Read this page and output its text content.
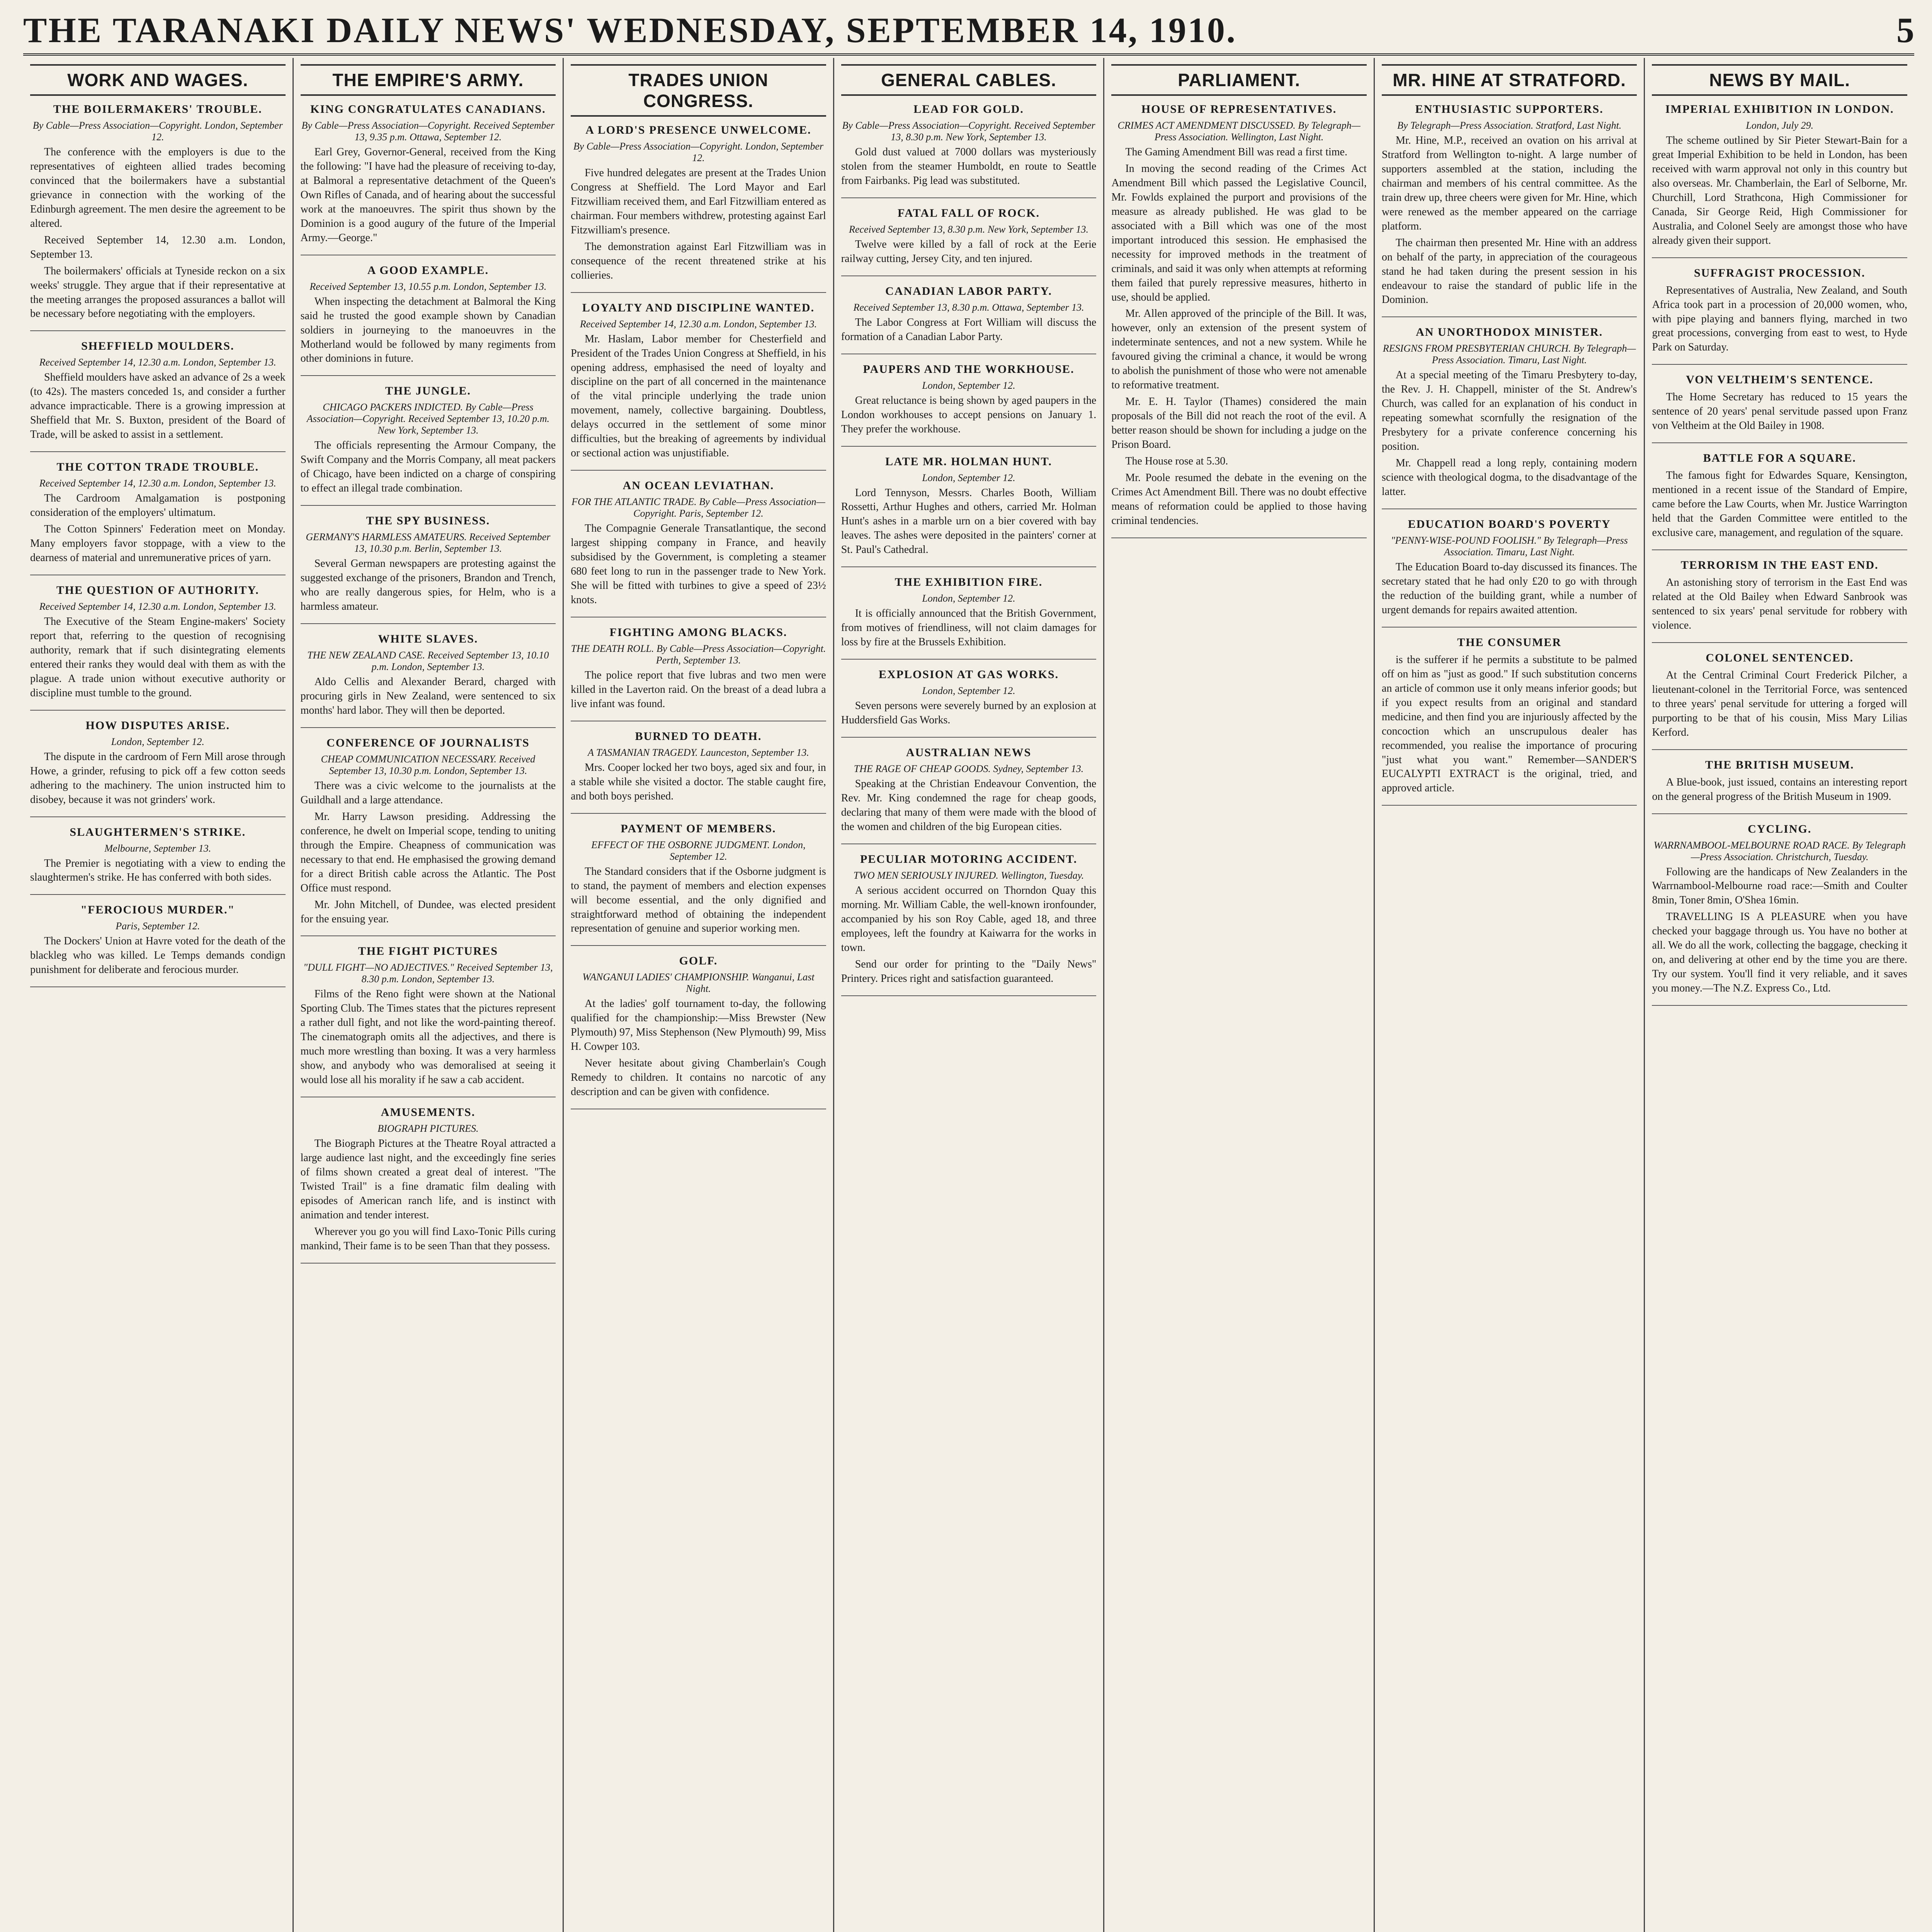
THE TARANAKI DAILY NEWS' WEDNESDAY, SEPTEMBER 14, 1910.	5
WORK AND WAGES.
THE BOILERMAKERS' TROUBLE.
By Cable—Press Association—Copyright. London, September 12.

The conference with the employers is due to the representatives of eighteen allied trades becoming convinced that the boilermakers have a substantial grievance in connection with the working of the Edinburgh agreement. The men desire the agreement to be altered.

Received September 14, 12.30 a.m. London, September 13.

The boilermakers' officials at Tyneside reckon on a six weeks' struggle. They argue that if their representative at the meeting arranges the proposed assurances a ballot will be necessary before negotiating with the employers.

SHEFFIELD MOULDERS.
Received September 14, 12.30 a.m. London, September 13.

Sheffield moulders have asked an advance of 2s a week (to 42s). The masters conceded 1s, and consider a further advance impracticable. There is a growing impression at Sheffield that Mr. S. Buxton, president of the Board of Trade, will be asked to assist in a settlement.

THE COTTON TRADE TROUBLE.
Received September 14, 12.30 a.m. London, September 13.

The Cardroom Amalgamation is postponing consideration of the employers' ultimatum.

The Cotton Spinners' Federation meet on Monday. Many employers favor stoppage, with a view to the dearness of material and unremunerative prices of yarn.

THE QUESTION OF AUTHORITY.
Received September 14, 12.30 a.m. London, September 13.

The Executive of the Steam Engine-makers' Society report that, referring to the question of recognising authority, remark that if such disintegrating elements entered their ranks they would deal with them as with the plague. A trade union without executive authority or discipline must tumble to the ground.

HOW DISPUTES ARISE.
London, September 12.

The dispute in the cardroom of Fern Mill arose through Howe, a grinder, refusing to pick off a few cotton seeds adhering to the machinery. The union instructed him to disobey, because it was not grinders' work.

SLAUGHTERMEN'S STRIKE.
Melbourne, September 13.

The Premier is negotiating with a view to ending the slaughtermen's strike. He has conferred with both sides.

"FEROCIOUS MURDER."
Paris, September 12.

The Dockers' Union at Havre voted for the death of the blackleg who was killed. Le Temps demands condign punishment for deliberate and ferocious murder.

THE EMPIRE'S ARMY.
KING CONGRATULATES CANADIANS.
By Cable—Press Association—Copyright. Received September 13, 9.35 p.m. Ottawa, September 12.

Earl Grey, Governor-General, received from the King the following: "I have had the pleasure of receiving to-day, at Balmoral a representative detachment of the Queen's Own Rifles of Canada, and of hearing about the successful work at the manoeuvres. The spirit thus shown by the Dominion is a good augury of the future of the Imperial Army.—George."

A GOOD EXAMPLE.
Received September 13, 10.55 p.m. London, September 13.

When inspecting the detachment at Balmoral the King said he trusted the good example shown by Canadian soldiers in journeying to the manoeuvres in the Motherland would be followed by many regiments from other dominions in future.

THE JUNGLE.
CHICAGO PACKERS INDICTED. By Cable—Press Association—Copyright. Received September 13, 10.20 p.m. New York, September 13.

The officials representing the Armour Company, the Swift Company and the Morris Company, all meat packers of Chicago, have been indicted on a charge of conspiring to effect an illegal trade combination.

THE SPY BUSINESS.
GERMANY'S HARMLESS AMATEURS. Received September 13, 10.30 p.m. Berlin, September 13.

Several German newspapers are protesting against the suggested exchange of the prisoners, Brandon and Trench, who are really dangerous spies, for Helm, who is a harmless amateur.

WHITE SLAVES.
THE NEW ZEALAND CASE. Received September 13, 10.10 p.m. London, September 13.

Aldo Cellis and Alexander Berard, charged with procuring girls in New Zealand, were sentenced to six months' hard labor. They will then be deported.

CONFERENCE OF JOURNALISTS
CHEAP COMMUNICATION NECESSARY. Received September 13, 10.30 p.m. London, September 13.

There was a civic welcome to the journalists at the Guildhall and a large attendance.

Mr. Harry Lawson presiding. Addressing the conference, he dwelt on Imperial scope, tending to uniting through the Empire. Cheapness of communication was necessary to that end. He emphasised the growing demand for a direct British cable across the Atlantic. The Post Office must respond.

Mr. John Mitchell, of Dundee, was elected president for the ensuing year.

THE FIGHT PICTURES
"DULL FIGHT—NO ADJECTIVES." Received September 13, 8.30 p.m. London, September 13.

Films of the Reno fight were shown at the National Sporting Club. The Times states that the pictures represent a rather dull fight, and not like the word-painting thereof. The cinematograph omits all the adjectives, and there is much more wrestling than boxing. It was a very harmless show, and anybody who was demoralised at seeing it would lose all his morality if he saw a cab accident.

AMUSEMENTS.
BIOGRAPH PICTURES.

The Biograph Pictures at the Theatre Royal attracted a large audience last night, and the exceedingly fine series of films shown created a great deal of interest. "The Twisted Trail" is a fine dramatic film dealing with episodes of American ranch life, and is instinct with animation and tender interest.

Wherever you go you will find Laxo-Tonic Pills curing mankind, Their fame is to be seen Than that they possess.

TRADES UNION CONGRESS.
A LORD'S PRESENCE UNWELCOME.
By Cable—Press Association—Copyright. London, September 12.

Five hundred delegates are present at the Trades Union Congress at Sheffield. The Lord Mayor and Earl Fitzwilliam received them, and Earl Fitzwilliam entered as chairman. Four members withdrew, protesting against Earl Fitzwilliam's presence.

The demonstration against Earl Fitzwilliam was in consequence of the recent threatened strike at his collieries.

LOYALTY AND DISCIPLINE WANTED.
Received September 14, 12.30 a.m. London, September 13.

Mr. Haslam, Labor member for Chesterfield and President of the Trades Union Congress at Sheffield, in his opening address, emphasised the need of loyalty and discipline on the part of all concerned in the maintenance of the vital principle underlying the trade union movement, namely, collective bargaining. Doubtless, delays occurred in the settlement of some minor difficulties, but the breaking of agreements by individual or sectional action was unjustifiable.

AN OCEAN LEVIATHAN.
FOR THE ATLANTIC TRADE. By Cable—Press Association—Copyright. Paris, September 12.

The Compagnie Generale Transatlantique, the second largest shipping company in France, and heavily subsidised by the Government, is completing a steamer 680 feet long to run in the passenger trade to New York. She will be fitted with turbines to give a speed of 23½ knots.

FIGHTING AMONG BLACKS.
THE DEATH ROLL. By Cable—Press Association—Copyright. Perth, September 13.

The police report that five lubras and two men were killed in the Laverton raid. On the breast of a dead lubra a live infant was found.

BURNED TO DEATH.
A TASMANIAN TRAGEDY. Launceston, September 13.

Mrs. Cooper locked her two boys, aged six and four, in a stable while she visited a doctor. The stable caught fire, and both boys perished.

PAYMENT OF MEMBERS.
EFFECT OF THE OSBORNE JUDGMENT. London, September 12.

The Standard considers that if the Osborne judgment is to stand, the payment of members and election expenses will become essential, and the only dignified and straightforward method of obtaining the independent representation of genuine and superior working men.

GOLF.
WANGANUI LADIES' CHAMPIONSHIP. Wanganui, Last Night.

At the ladies' golf tournament to-day, the following qualified for the championship:—Miss Brewster (New Plymouth) 97, Miss Stephenson (New Plymouth) 99, Miss H. Cowper 103.

Never hesitate about giving Chamberlain's Cough Remedy to children. It contains no narcotic of any description and can be given with confidence.

GENERAL CABLES.
LEAD FOR GOLD.
By Cable—Press Association—Copyright. Received September 13, 8.30 p.m. New York, September 13.

Gold dust valued at 7000 dollars was mysteriously stolen from the steamer Humboldt, en route to Seattle from Fairbanks. Pig lead was substituted.

FATAL FALL OF ROCK.
Received September 13, 8.30 p.m. New York, September 13.

Twelve were killed by a fall of rock at the Eerie railway cutting, Jersey City, and ten injured.

CANADIAN LABOR PARTY.
Received September 13, 8.30 p.m. Ottawa, September 13.

The Labor Congress at Fort William will discuss the formation of a Canadian Labor Party.

PAUPERS AND THE WORKHOUSE.
London, September 12.

Great reluctance is being shown by aged paupers in the London workhouses to accept pensions on January 1. They prefer the workhouse.

LATE MR. HOLMAN HUNT.
London, September 12.

Lord Tennyson, Messrs. Charles Booth, William Rossetti, Arthur Hughes and others, carried Mr. Holman Hunt's ashes in a marble urn on a bier covered with bay leaves. The ashes were deposited in the painters' corner at St. Paul's Cathedral.

THE EXHIBITION FIRE.
London, September 12.

It is officially announced that the British Government, from motives of friendliness, will not claim damages for loss by fire at the Brussels Exhibition.

EXPLOSION AT GAS WORKS.
London, September 12.

Seven persons were severely burned by an explosion at Huddersfield Gas Works.

AUSTRALIAN NEWS
THE RAGE OF CHEAP GOODS. Sydney, September 13.

Speaking at the Christian Endeavour Convention, the Rev. Mr. King condemned the rage for cheap goods, declaring that many of them were made with the blood of the women and children of the big European cities.

PECULIAR MOTORING ACCIDENT.
TWO MEN SERIOUSLY INJURED. Wellington, Tuesday.

A serious accident occurred on Thorndon Quay this morning. Mr. William Cable, the well-known ironfounder, accompanied by his son Roy Cable, aged 18, and three employees, left the foundry at Kaiwarra for the works in town.

Send our order for printing to the "Daily News" Printery. Prices right and satisfaction guaranteed.

PARLIAMENT.
HOUSE OF REPRESENTATIVES.
CRIMES ACT AMENDMENT DISCUSSED. By Telegraph—Press Association. Wellington, Last Night.

The Gaming Amendment Bill was read a first time.

In moving the second reading of the Crimes Act Amendment Bill which passed the Legislative Council, Mr. Fowlds explained the purport and provisions of the measure as already published. He was glad to be associated with a Bill which was one of the most important introduced this session. He emphasised the necessity for improved methods in the treatment of criminals, and said it was only when attempts at reforming them failed that purely repressive measures, hitherto in use, should be applied.

Mr. Allen approved of the principle of the Bill. It was, however, only an extension of the present system of indeterminate sentences, and not a new system. While he favoured giving the criminal a chance, it would be wrong to abolish the punishment of those who were not amenable to reformative treatment.

Mr. E. H. Taylor (Thames) considered the main proposals of the Bill did not reach the root of the evil. A better reason should be shown for including a judge on the Prison Board.

The House rose at 5.30.

Mr. Poole resumed the debate in the evening on the Crimes Act Amendment Bill. There was no doubt effective means of reformation could be applied to those having criminal tendencies.

MR. HINE AT STRATFORD.
ENTHUSIASTIC SUPPORTERS.
By Telegraph—Press Association. Stratford, Last Night.

Mr. Hine, M.P., received an ovation on his arrival at Stratford from Wellington to-night. A large number of supporters assembled at the station, including the chairman and members of his central committee. As the train drew up, three cheers were given for Mr. Hine, which were renewed as the member appeared on the carriage platform.

The chairman then presented Mr. Hine with an address on behalf of the party, in appreciation of the courageous stand he had taken during the present session in his endeavour to raise the standard of public life in the Dominion.

AN UNORTHODOX MINISTER.
RESIGNS FROM PRESBYTERIAN CHURCH. By Telegraph—Press Association. Timaru, Last Night.

At a special meeting of the Timaru Presbytery to-day, the Rev. J. H. Chappell, minister of the St. Andrew's Church, was called for an explanation of his conduct in repeating somewhat scornfully the resignation of the Presbytery for a private conference concerning his position.

Mr. Chappell read a long reply, containing modern science with theological dogma, to the disadvantage of the latter.

EDUCATION BOARD'S POVERTY
"PENNY-WISE-POUND FOOLISH." By Telegraph—Press Association. Timaru, Last Night.

The Education Board to-day discussed its finances. The secretary stated that he had only £20 to go with through the reduction of the building grant, while a number of urgent demands for repairs awaited attention.

THE CONSUMER

is the sufferer if he permits a substitute to be palmed off on him as "just as good." If such substitution concerns an article of common use it only means inferior goods; but if you expect results from an original and standard medicine, and then find you are injuriously affected by the concoction which an unscrupulous dealer has recommended, you realise the importance of procuring "just what you want." Remember—SANDER'S EUCALYPTI EXTRACT is the original, tried, and approved article.

NEWS BY MAIL.
IMPERIAL EXHIBITION IN LONDON.
London, July 29.

The scheme outlined by Sir Pieter Stewart-Bain for a great Imperial Exhibition to be held in London, has been received with warm approval not only in this country but also overseas. Mr. Chamberlain, the Earl of Selborne, Mr. Churchill, Lord Strathcona, High Commissioner for Canada, Sir George Reid, High Commissioner for Australia, and Colonel Seely are amongst those who have already given their support.

SUFFRAGIST PROCESSION.

Representatives of Australia, New Zealand, and South Africa took part in a procession of 20,000 women, who, with pipe playing and banners flying, marched in two great processions, converging from east to west, to Hyde Park on Saturday.

VON VELTHEIM'S SENTENCE.

The Home Secretary has reduced to 15 years the sentence of 20 years' penal servitude passed upon Franz von Veltheim at the Old Bailey in 1908.

BATTLE FOR A SQUARE.

The famous fight for Edwardes Square, Kensington, mentioned in a recent issue of the Standard of Empire, came before the Law Courts, when Mr. Justice Warrington held that the Garden Committee were entitled to the exclusive care, management, and regulation of the square.

TERRORISM IN THE EAST END.

An astonishing story of terrorism in the East End was related at the Old Bailey when Edward Sanbrook was sentenced to six years' penal servitude for robbery with violence.

COLONEL SENTENCED.

At the Central Criminal Court Frederick Pilcher, a lieutenant-colonel in the Territorial Force, was sentenced to three years' penal servitude for uttering a forged will purporting to be that of his cousin, Miss Mary Lilias Kerford.

THE BRITISH MUSEUM.

A Blue-book, just issued, contains an interesting report on the general progress of the British Museum in 1909.

CYCLING.
WARRNAMBOOL-MELBOURNE ROAD RACE. By Telegraph—Press Association. Christchurch, Tuesday.

Following are the handicaps of New Zealanders in the Warrnambool-Melbourne road race:—Smith and Coulter 8min, Toner 8min, O'Shea 16min.

TRAVELLING IS A PLEASURE when you have checked your baggage through us. You have no bother at all. We do all the work, collecting the baggage, checking it on, and delivering at other end by the time you are there. Try our system. You'll find it very reliable, and it saves you money.—The N.Z. Express Co., Ltd.
